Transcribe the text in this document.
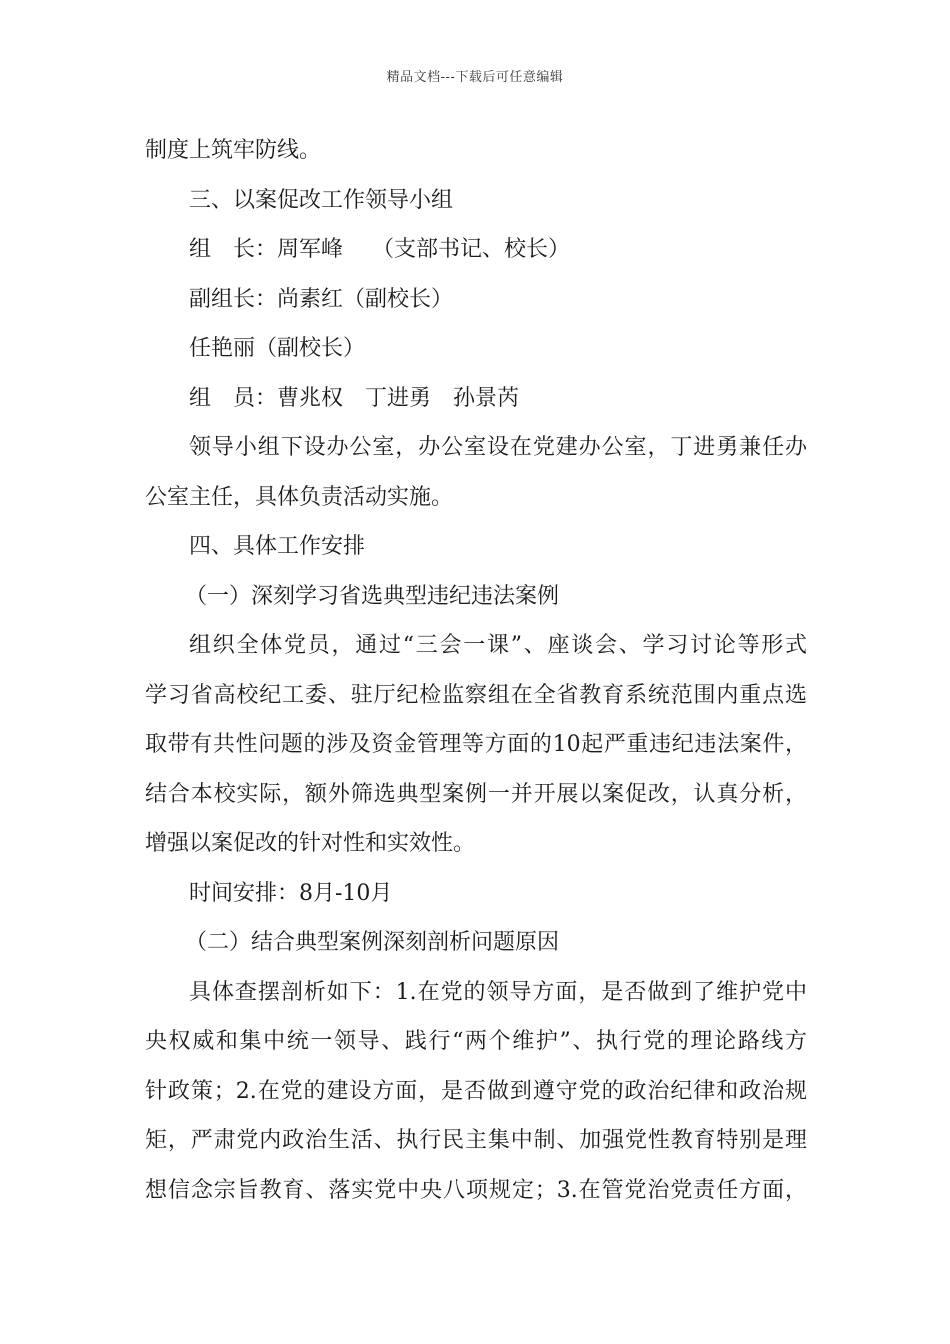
精品文档---下载后可任意编辑
制度上筑牢防线。
三、以案促改工作领导小组
组　长：周军峰　 （支部书记、校长）
副组长：尚素红（副校长）
任艳丽（副校长）
组　员：曹兆权　丁进勇　孙景芮
领导小组下设办公室，办公室设在党建办公室，丁进勇兼任办
公室主任，具体负责活动实施。
四、具体工作安排
（一）深刻学习省选典型违纪违法案例
组织全体党员，通过“三会一课”、座谈会、学习讨论等形式
学习省高校纪工委、驻厅纪检监察组在全省教育系统范围内重点选
取带有共性问题的涉及资金管理等方面的10起严重违纪违法案件，
结合本校实际，额外筛选典型案例一并开展以案促改，认真分析，
增强以案促改的针对性和实效性。
时间安排：8月-10月
（二）结合典型案例深刻剖析问题原因
具体查摆剖析如下：1.在党的领导方面，是否做到了维护党中
央权威和集中统一领导、践行“两个维护”、执行党的理论路线方
针政策；2.在党的建设方面，是否做到遵守党的政治纪律和政治规
矩，严肃党内政治生活、执行民主集中制、加强党性教育特别是理
想信念宗旨教育、落实党中央八项规定；3.在管党治党责任方面，
